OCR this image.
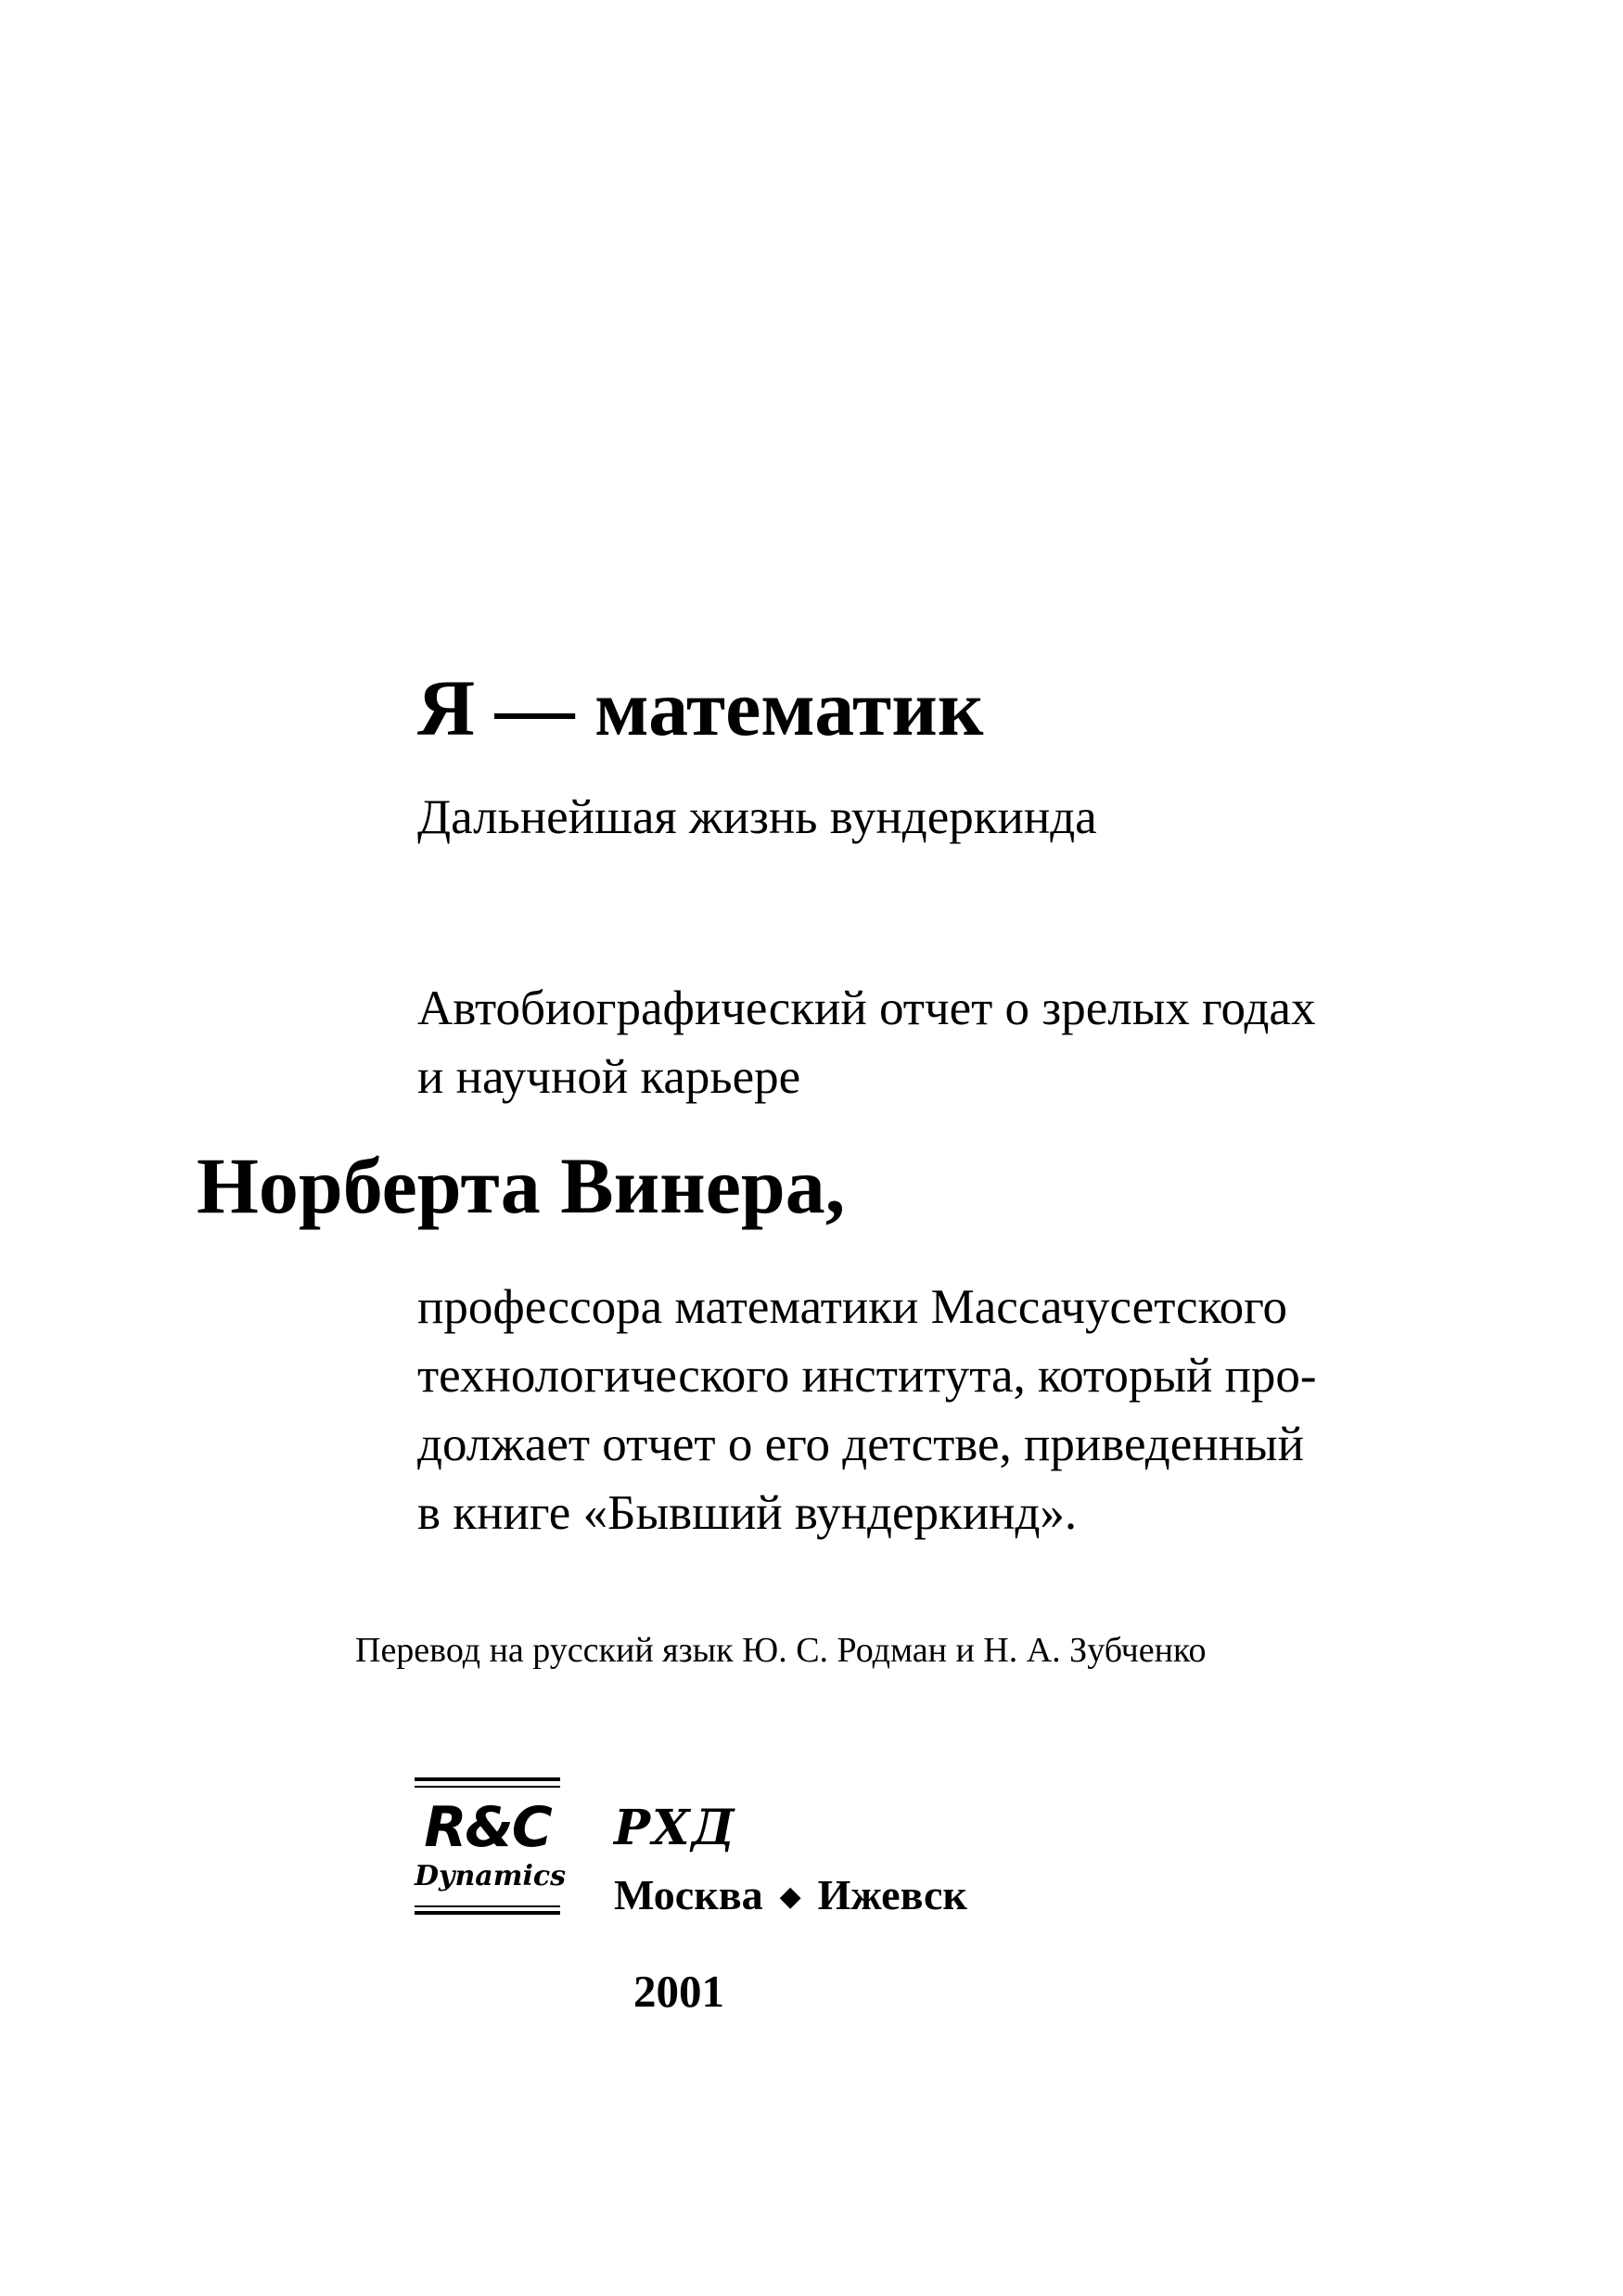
Я — математик
Дальнейшая жизнь вундеркинда
Автобиографический отчет о зрелых годах
и научной карьере
Норберта Винера,
профессора математики Массачусетского
технологического института, который про-
должает отчет о его детстве, приведенный
в книге «Бывший вундеркинд».
Перевод на русский язык Ю. С. Родман и Н. А. Зубченко
R&C
Dynamics
РХД
Москва ◆ Ижевск
2001
